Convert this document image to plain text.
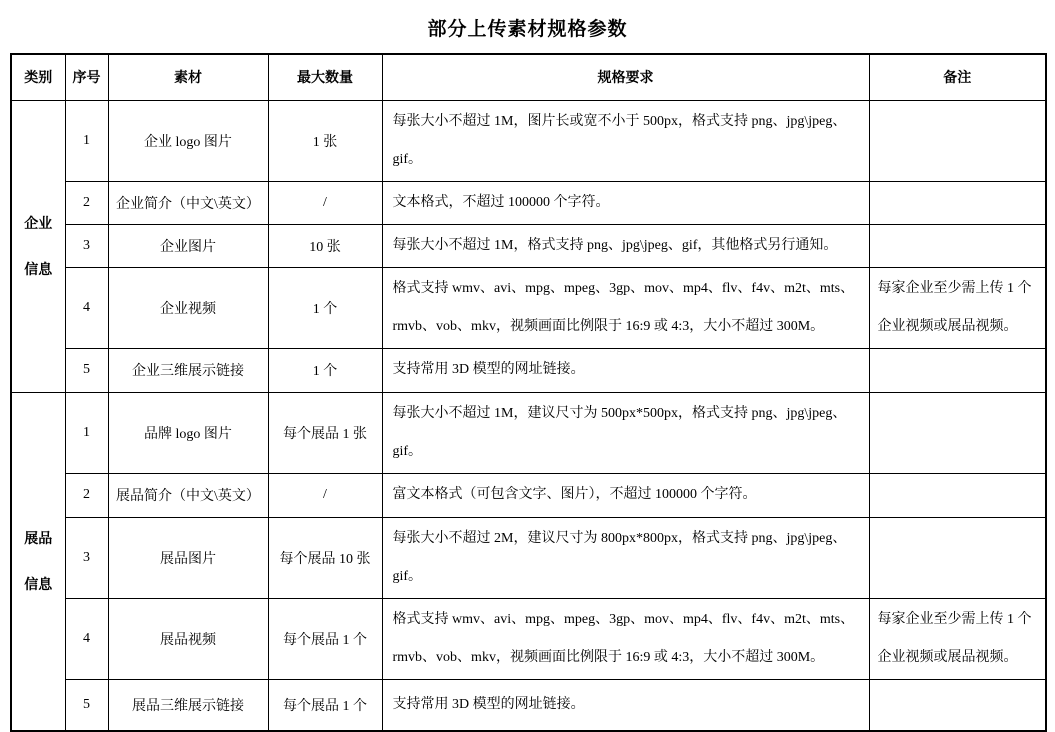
部分上传素材规格参数
类别	序号	素材	最大数量	规格要求	备注

企业
信息	1	企业 logo 图片	1 张	每张大小不超过 1M，图片长或宽不小于 500px，格式支持 png、jpg\jpeg、gif。	
	2	企业简介（中文\英文）	/	文本格式，不超过 100000 个字符。	
	3	企业图片	10 张	每张大小不超过 1M，格式支持 png、jpg\jpeg、gif，其他格式另行通知。	
	4	企业视频	1 个	格式支持 wmv、avi、mpg、mpeg、3gp、mov、mp4、flv、f4v、m2t、mts、rmvb、vob、mkv，视频画面比例限于 16:9 或 4:3，大小不超过 300M。	每家企业至少需上传 1 个企业视频或展品视频。
	5	企业三维展示链接	1 个	支持常用 3D 模型的网址链接。	

展品
信息	1	品牌 logo 图片	每个展品 1 张	每张大小不超过 1M，建议尺寸为 500px*500px，格式支持 png、jpg\jpeg、gif。	
	2	展品简介（中文\英文）	/	富文本格式（可包含文字、图片），不超过 100000 个字符。	
	3	展品图片	每个展品 10 张	每张大小不超过 2M，建议尺寸为 800px*800px，格式支持 png、jpg\jpeg、gif。	
	4	展品视频	每个展品 1 个	格式支持 wmv、avi、mpg、mpeg、3gp、mov、mp4、flv、f4v、m2t、mts、rmvb、vob、mkv，视频画面比例限于 16:9 或 4:3，大小不超过 300M。	每家企业至少需上传 1 个企业视频或展品视频。
	5	展品三维展示链接	每个展品 1 个	支持常用 3D 模型的网址链接。	
